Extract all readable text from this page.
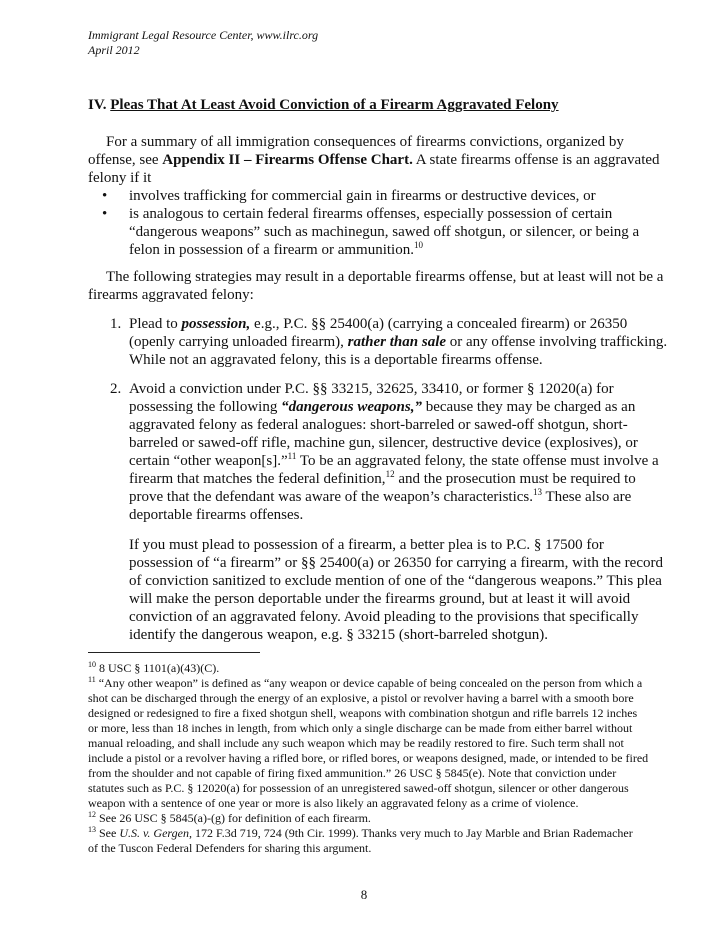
Immigrant Legal Resource Center, www.ilrc.org
April 2012
IV. Pleas That At Least Avoid Conviction of a Firearm Aggravated Felony
For a summary of all immigration consequences of firearms convictions, organized by
offense, see Appendix II – Firearms Offense Chart. A state firearms offense is an aggravated
felony if it
• involves trafficking for commercial gain in firearms or destructive devices, or
• is analogous to certain federal firearms offenses, especially possession of certain
“dangerous weapons” such as machinegun, sawed off shotgun, or silencer, or being a
felon in possession of a firearm or ammunition.$^{10}$
The following strategies may result in a deportable firearms offense, but at least will not be a
firearms aggravated felony:
1. Plead to possession, e.g., P.C. §§ 25400(a) (carrying a concealed firearm) or 26350
(openly carrying unloaded firearm), rather than sale or any offense involving trafficking.
While not an aggravated felony, this is a deportable firearms offense.
2. Avoid a conviction under P.C. §§ 33215, 32625, 33410, or former § 12020(a) for
possessing the following “dangerous weapons,” because they may be charged as an
aggravated felony as federal analogues: short-barreled or sawed-off shotgun, short-
barreled or sawed-off rifle, machine gun, silencer, destructive device (explosives), or
certain “other weapon[s].”$^{11}$ To be an aggravated felony, the state offense must involve a
firearm that matches the federal definition,$^{12}$ and the prosecution must be required to
prove that the defendant was aware of the weapon’s characteristics.$^{13}$ These also are
deportable firearms offenses.
If you must plead to possession of a firearm, a better plea is to P.C. § 17500 for
possession of “a firearm” or §§ 25400(a) or 26350 for carrying a firearm, with the record
of conviction sanitized to exclude mention of one of the “dangerous weapons.” This plea
will make the person deportable under the firearms ground, but at least it will avoid
conviction of an aggravated felony. Avoid pleading to the provisions that specifically
identify the dangerous weapon, e.g. § 33215 (short-barreled shotgun).
$^{10}$ 8 USC § 1101(a)(43)(C).
$^{11}$ “Any other weapon” is defined as “any weapon or device capable of being concealed on the person from which a
shot can be discharged through the energy of an explosive, a pistol or revolver having a barrel with a smooth bore
designed or redesigned to fire a fixed shotgun shell, weapons with combination shotgun and rifle barrels 12 inches
or more, less than 18 inches in length, from which only a single discharge can be made from either barrel without
manual reloading, and shall include any such weapon which may be readily restored to fire. Such term shall not
include a pistol or a revolver having a rifled bore, or rifled bores, or weapons designed, made, or intended to be fired
from the shoulder and not capable of firing fixed ammunition.” 26 USC § 5845(e). Note that conviction under
statutes such as P.C. § 12020(a) for possession of an unregistered sawed-off shotgun, silencer or other dangerous
weapon with a sentence of one year or more is also likely an aggravated felony as a crime of violence.
$^{12}$ See 26 USC § 5845(a)-(g) for definition of each firearm.
$^{13}$ See U.S. v. Gergen, 172 F.3d 719, 724 (9th Cir. 1999). Thanks very much to Jay Marble and Brian Rademacher
of the Tuscon Federal Defenders for sharing this argument.
8
